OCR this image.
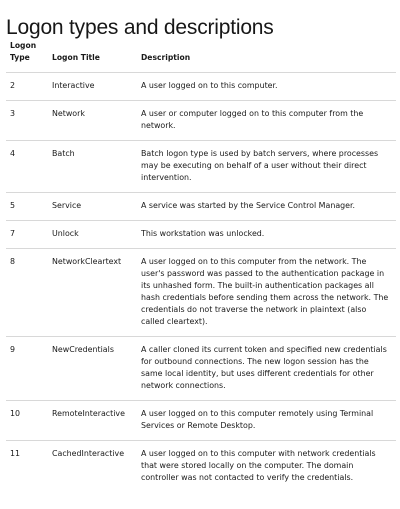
Logon types and descriptions
Logon Type	Logon Title	Description
2	Interactive	A user logged on to this computer.
3	Network	A user or computer logged on to this computer from the network.
4	Batch	Batch logon type is used by batch servers, where processes may be executing on behalf of a user without their direct intervention.
5	Service	A service was started by the Service Control Manager.
7	Unlock	This workstation was unlocked.
8	NetworkCleartext	A user logged on to this computer from the network. The user's password was passed to the authentication package in its unhashed form. The built-in authentication packages all hash credentials before sending them across the network. The credentials do not traverse the network in plaintext (also called cleartext).
9	NewCredentials	A caller cloned its current token and specified new credentials for outbound connections. The new logon session has the same local identity, but uses different credentials for other network connections.
10	RemoteInteractive	A user logged on to this computer remotely using Terminal Services or Remote Desktop.
11	CachedInteractive	A user logged on to this computer with network credentials that were stored locally on the computer. The domain controller was not contacted to verify the credentials.
